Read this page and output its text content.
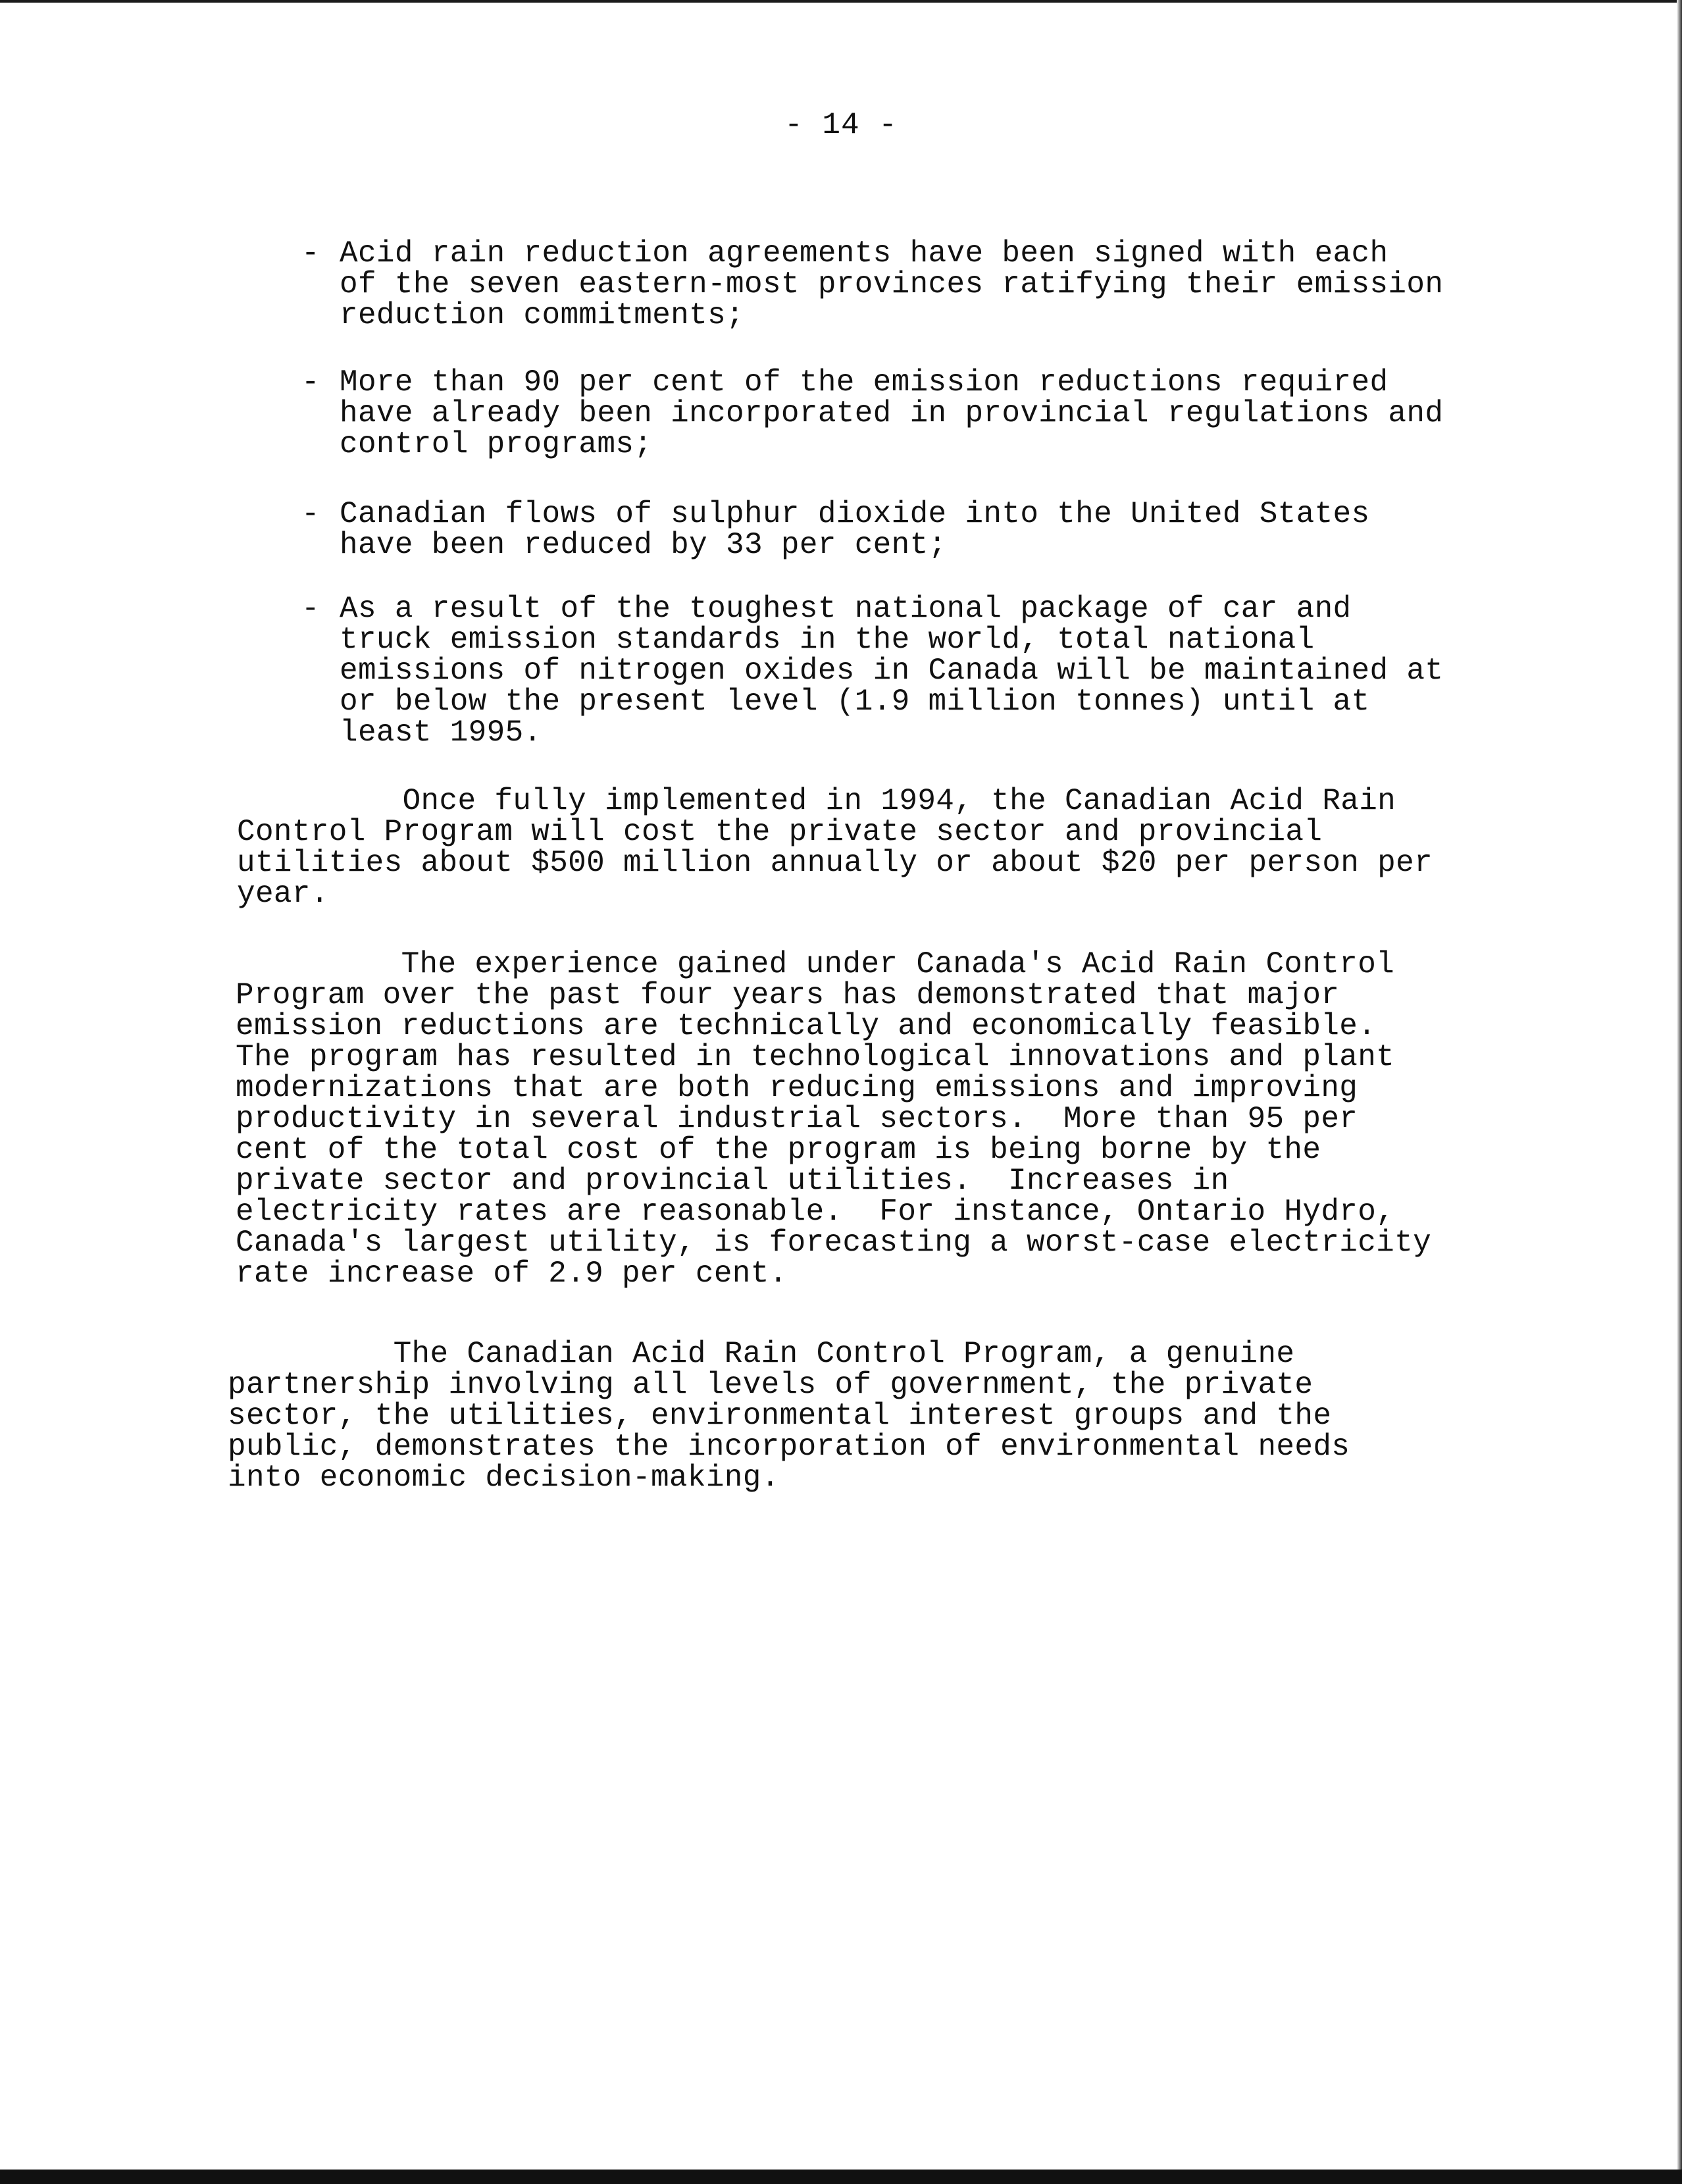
- 14 -
- Acid rain reduction agreements have been signed with each
of the seven eastern-most provinces ratifying their emission
reduction commitments;
- More than 90 per cent of the emission reductions required
have already been incorporated in provincial regulations and
control programs;
- Canadian flows of sulphur dioxide into the United States
have been reduced by 33 per cent;
- As a result of the toughest national package of car and
truck emission standards in the world, total national
emissions of nitrogen oxides in Canada will be maintained at
or below the present level (1.9 million tonnes) until at
least 1995.
Once fully implemented in 1994, the Canadian Acid Rain
Control Program will cost the private sector and provincial
utilities about $500 million annually or about $20 per person per
year.
The experience gained under Canada's Acid Rain Control
Program over the past four years has demonstrated that major
emission reductions are technically and economically feasible.
The program has resulted in technological innovations and plant
modernizations that are both reducing emissions and improving
productivity in several industrial sectors.  More than 95 per
cent of the total cost of the program is being borne by the
private sector and provincial utilities.  Increases in
electricity rates are reasonable.  For instance, Ontario Hydro,
Canada's largest utility, is forecasting a worst-case electricity
rate increase of 2.9 per cent.
The Canadian Acid Rain Control Program, a genuine
partnership involving all levels of government, the private
sector, the utilities, environmental interest groups and the
public, demonstrates the incorporation of environmental needs
into economic decision-making.
